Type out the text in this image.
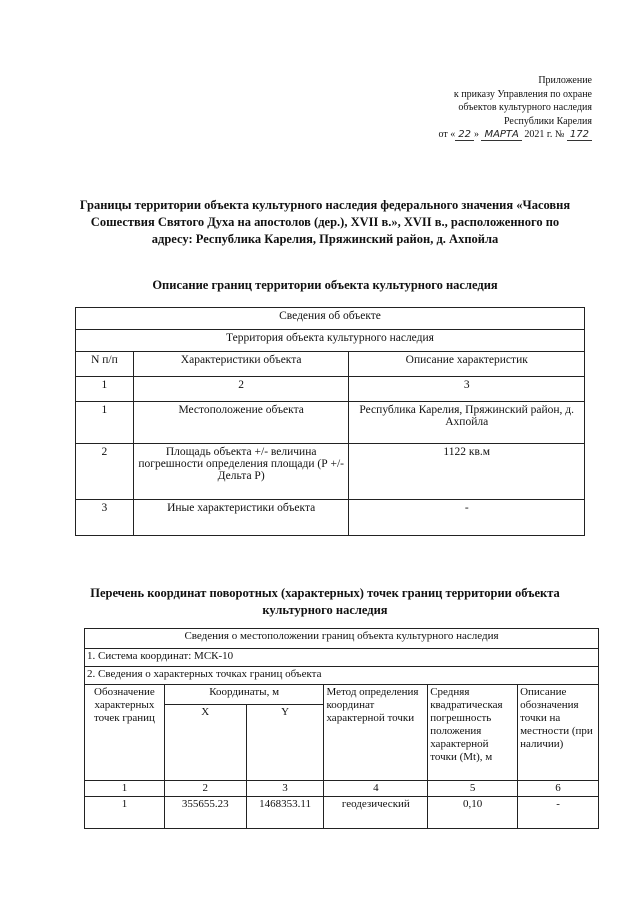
Приложение
к приказу Управления по охране
объектов культурного наследия
Республики Карелия
от « 22 » МАРТА 2021 г. № 172
Границы территории объекта культурного наследия федерального значения «Часовня Сошествия Святого Духа на апостолов (дер.), XVII в.», XVII в., расположенного по адресу: Республика Карелия, Пряжинский район, д. Ахпойла
Описание границ территории объекта культурного наследия
Сведения об объекте		
Территория объекта культурного наследия		
N п/п	Характеристики объекта	Описание характеристик
1	2	3
1	Местоположение объекта	Республика Карелия, Пряжинский район, д. Ахпойла
2	Площадь объекта +/- величина погрешности определения площади (Р +/- Дельта Р)	1122 кв.м
3	Иные характеристики объекта	-
Перечень координат поворотных (характерных) точек границ территории объекта культурного наследия
Сведения о местоположении границ объекта культурного наследия					
1. Система координат: МСК-10					
2. Сведения о характерных точках границ объекта					
Обозначение характерных точек границ	Координаты, м		Метод определения координат характерной точки	Средняя квадратическая погрешность положения характерной точки (Mt), м	Описание обозначения точки на местности (при наличии)
	X	Y			
1	2	3	4	5	6
1	355655.23	1468353.11	геодезический	0,10	-
